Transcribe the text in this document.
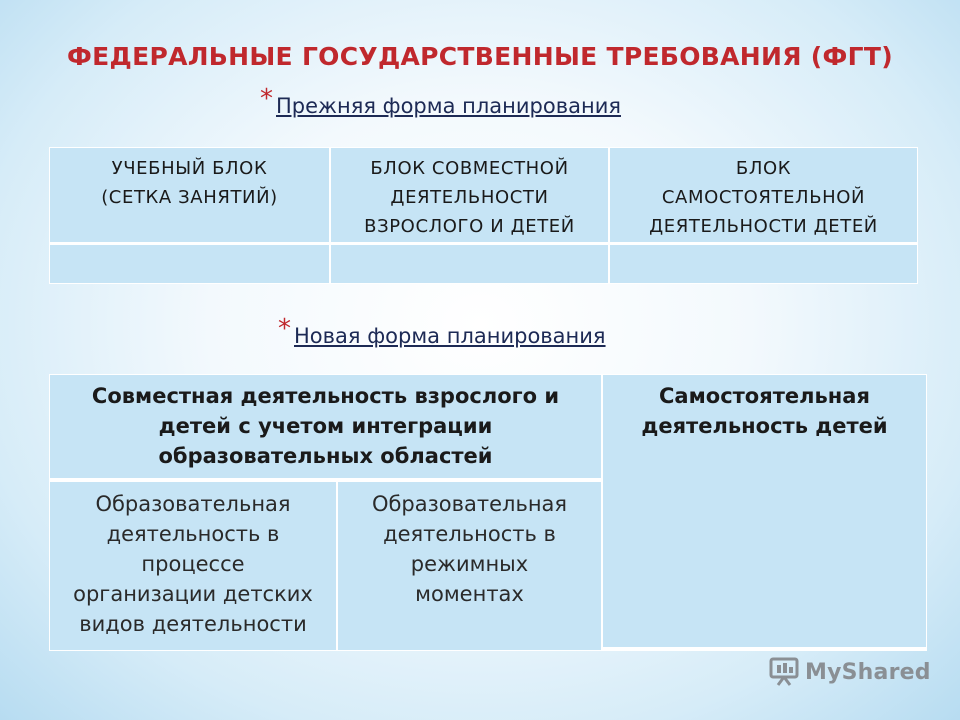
ФЕДЕРАЛЬНЫЕ ГОСУДАРСТВЕННЫЕ ТРЕБОВАНИЯ (ФГТ)
* Прежняя форма планирования
УЧЕБНЫЙ БЛОК
(СЕТКА ЗАНЯТИЙ)
БЛОК СОВМЕСТНОЙ
ДЕЯТЕЛЬНОСТИ
ВЗРОСЛОГО И ДЕТЕЙ
БЛОК
САМОСТОЯТЕЛЬНОЙ
ДЕЯТЕЛЬНОСТИ ДЕТЕЙ
* Новая форма планирования
Совместная деятельность взрослого и
детей с учетом интеграции
образовательных областей
Самостоятельная
деятельность детей
Образовательная
деятельность в
процессе
организации детских
видов деятельности
Образовательная
деятельность в
режимных
моментах
MyShared
